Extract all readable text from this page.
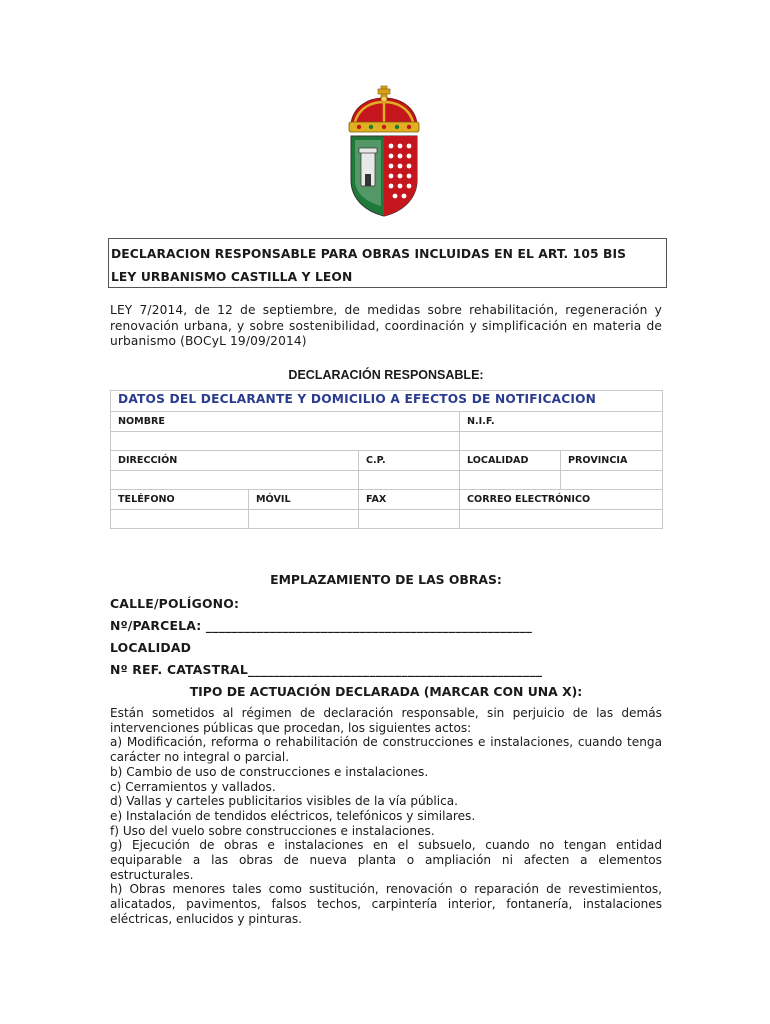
DECLARACION RESPONSABLE PARA OBRAS INCLUIDAS EN EL ART. 105 BIS
LEY URBANISMO CASTILLA Y LEON
LEY 7/2014, de 12 de septiembre, de medidas sobre rehabilitación, regeneración y renovación urbana, y sobre sostenibilidad, coordinación y simplificación en materia de urbanismo (BOCyL 19/09/2014)
DECLARACIÓN RESPONSABLE:
DATOS DEL DECLARANTE Y DOMICILIO A EFECTOS DE NOTIFICACION				
NOMBRE			N.I.F.	

DIRECCIÓN		C.P.	LOCALIDAD	PROVINCIA

TELÉFONO	MÓVIL	FAX	CORREO ELECTRÓNICO	

EMPLAZAMIENTO DE LAS OBRAS:
CALLE/POLÍGONO:
Nº/PARCELA: ___________________________________________________
LOCALIDAD
Nº REF. CATASTRAL______________________________________________
TIPO DE ACTUACIÓN DECLARADA (MARCAR CON UNA X):

Están sometidos al régimen de declaración responsable, sin perjuicio de las demás intervenciones públicas que procedan, los siguientes actos:

a) Modificación, reforma o rehabilitación de construcciones e instalaciones, cuando tenga carácter no integral o parcial.

b) Cambio de uso de construcciones e instalaciones.

c) Cerramientos y vallados.

d) Vallas y carteles publicitarios visibles de la vía pública.

e) Instalación de tendidos eléctricos, telefónicos y similares.

f) Uso del vuelo sobre construcciones e instalaciones.

g) Ejecución de obras e instalaciones en el subsuelo, cuando no tengan entidad equiparable a las obras de nueva planta o ampliación ni afecten a elementos estructurales.

h) Obras menores tales como sustitución, renovación o reparación de revestimientos, alicatados, pavimentos, falsos techos, carpintería interior, fontanería, instalaciones eléctricas, enlucidos y pinturas.
